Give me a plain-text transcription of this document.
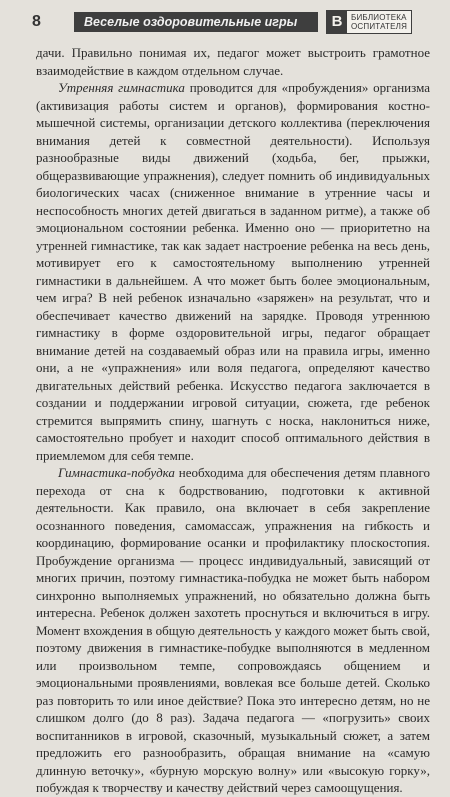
8	Веселые оздоровительные игры	В	БИБЛИОТЕКА
ОСПИТАТЕЛЯ

дачи. Правильно понимая их, педагог может выстроить грамотное взаимодействие в каждом отдельном случае.

Утренняя гимнастика проводится для «пробуждения» организма (активизация работы систем и органов), формирования костно-мышечной системы, организации детского коллектива (переключения внимания детей к совместной деятельности). Используя разнообразные виды движений (ходьба, бег, прыжки, общеразвивающие упражнения), следует помнить об индивидуальных биологических часах (сниженное внимание в утренние часы и неспособность многих детей двигаться в заданном ритме), а также об эмоциональном состоянии ребенка. Именно оно — приоритетно на утренней гимнастике, так как задает настроение ребенка на весь день, мотивирует его к самостоятельному выполнению утренней гимнастики в дальнейшем. А что может быть более эмоциональным, чем игра? В ней ребенок изначально «заряжен» на результат, что и обеспечивает качество движений на зарядке. Проводя утреннюю гимнастику в форме оздоровительной игры, педагог обращает внимание детей на создаваемый образ или на правила игры, именно они, а не «упражнения» или воля педагога, определяют качество двигательных действий ребенка. Искусство педагога заключается в создании и поддержании игровой ситуации, сюжета, где ребенок стремится выпрямить спину, шагнуть с носка, наклониться ниже, самостоятельно пробует и находит способ оптимального действия в приемлемом для себя темпе.

Гимнастика-побудка необходима для обеспечения детям плавного перехода от сна к бодрствованию, подготовки к активной деятельности. Как правило, она включает в себя закрепление осознанного поведения, самомассаж, упражнения на гибкость и координацию, формирование осанки и профилактику плоскостопия. Пробуждение организма — процесс индивидуальный, зависящий от многих причин, поэтому гимнастика-побудка не может быть набором синхронно выполняемых упражнений, но обязательно должна быть интересна. Ребенок должен захотеть проснуться и включиться в игру. Момент вхождения в общую деятельность у каждого может быть свой, поэтому движения в гимнастике-побудке выполняются в медленном или произвольном темпе, сопровождаясь общением и эмоциональными проявлениями, вовлекая все больше детей. Сколько раз повторить то или иное действие? Пока это интересно детям, но не слишком долго (до 8 раз). Задача педагога — «погрузить» своих воспитанников в игровой, сказочный, музыкальный сюжет, а затем предложить его разнообразить, обращая внимание на «самую длинную веточку», «бурную морскую волну» или «высокую горку», побуждая к творчеству и качеству действий через самоощущения.
